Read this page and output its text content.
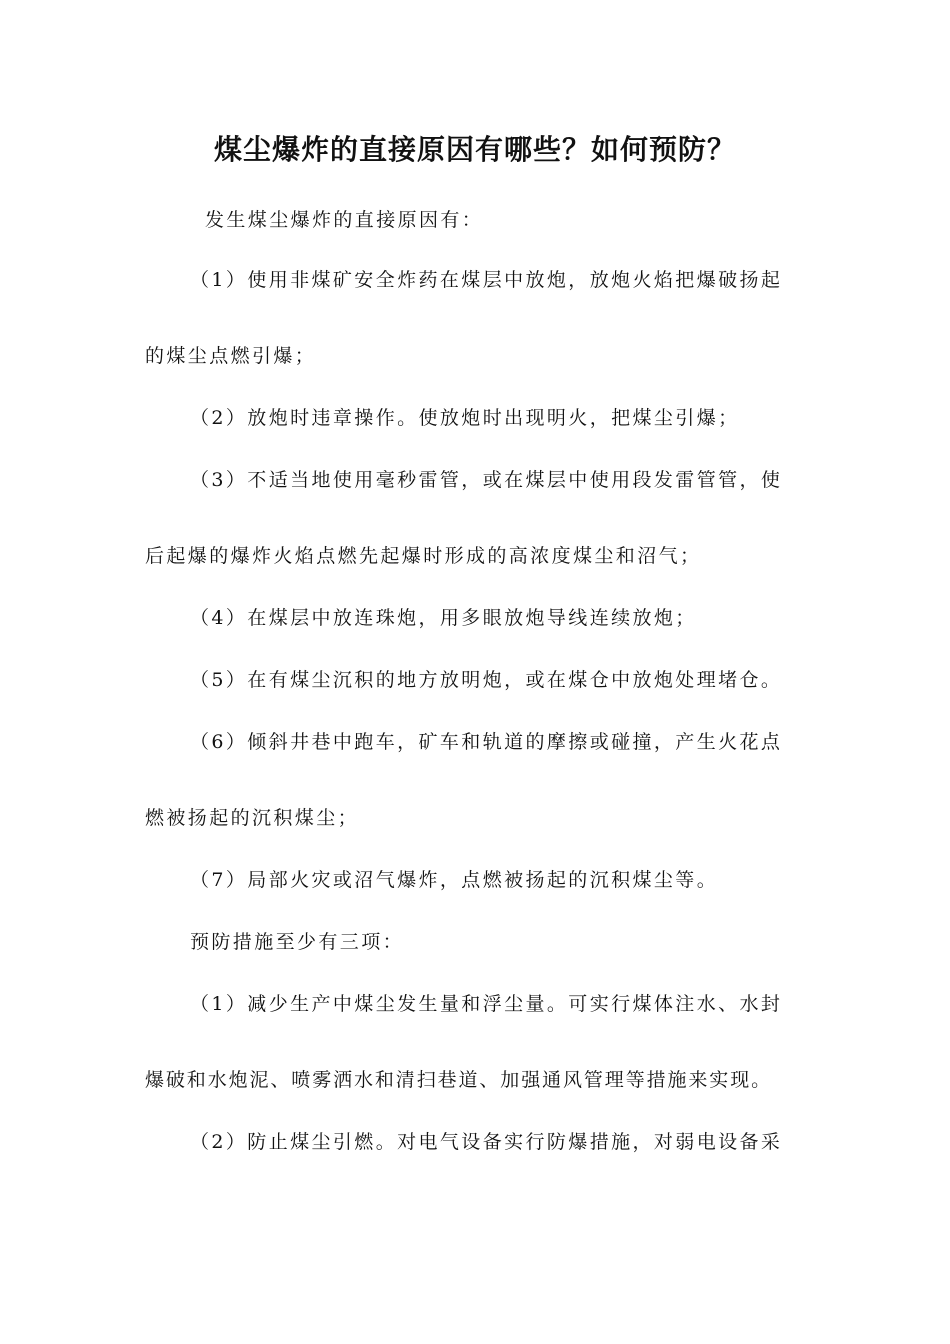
煤尘爆炸的直接原因有哪些？如何预防？
发生煤尘爆炸的直接原因有：
（1）使用非煤矿安全炸药在煤层中放炮，放炮火焰把爆破扬起
的煤尘点燃引爆；
（2）放炮时违章操作。使放炮时出现明火，把煤尘引爆；
（3）不适当地使用毫秒雷管，或在煤层中使用段发雷管管，使
后起爆的爆炸火焰点燃先起爆时形成的高浓度煤尘和沼气；
（4）在煤层中放连珠炮，用多眼放炮导线连续放炮；
（5）在有煤尘沉积的地方放明炮，或在煤仓中放炮处理堵仓。
（6）倾斜井巷中跑车，矿车和轨道的摩擦或碰撞，产生火花点
燃被扬起的沉积煤尘；
（7）局部火灾或沼气爆炸，点燃被扬起的沉积煤尘等。
预防措施至少有三项：
（1）减少生产中煤尘发生量和浮尘量。可实行煤体注水、水封
爆破和水炮泥、喷雾洒水和清扫巷道、加强通风管理等措施来实现。
（2）防止煤尘引燃。对电气设备实行防爆措施，对弱电设备采
